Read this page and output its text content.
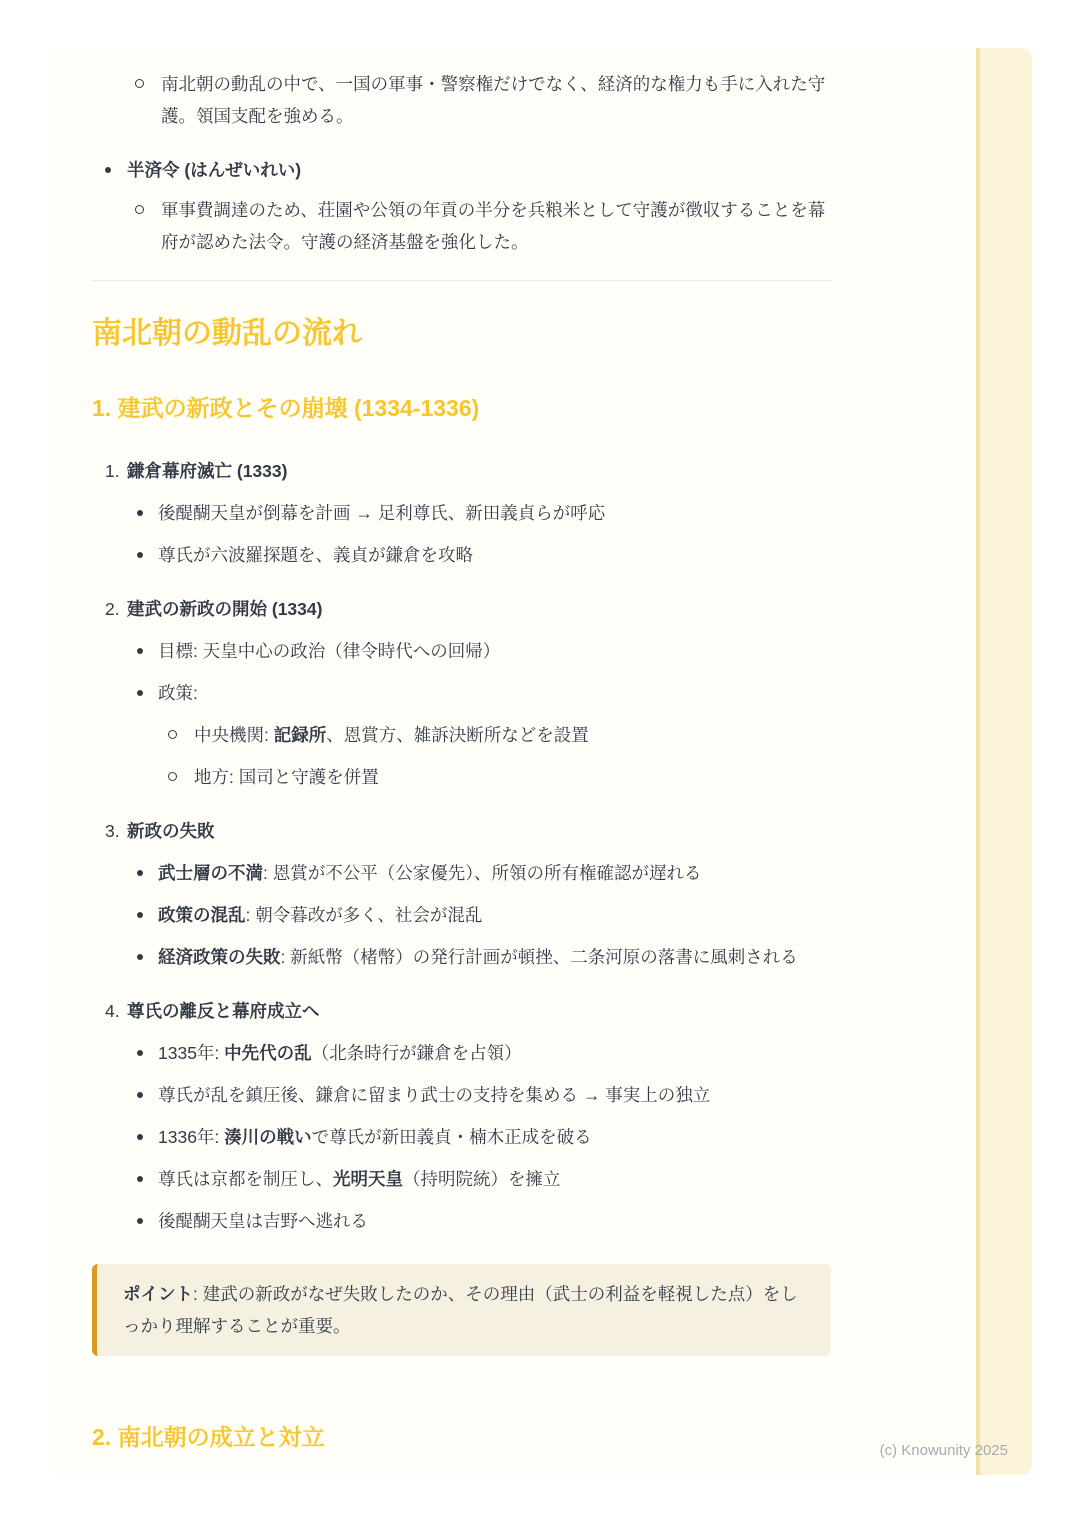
南北朝の動乱の中で、一国の軍事・警察権だけでなく、経済的な権力も手に入れた守護。領国支配を強める。
半済令 (はんぜいれい)
軍事費調達のため、荘園や公領の年貢の半分を兵粮米として守護が徴収することを幕府が認めた法令。守護の経済基盤を強化した。
南北朝の動乱の流れ
1. 建武の新政とその崩壊 (1334-1336)
1. 鎌倉幕府滅亡 (1333)
後醍醐天皇が倒幕を計画 → 足利尊氏、新田義貞らが呼応
尊氏が六波羅探題を、義貞が鎌倉を攻略
2. 建武の新政の開始 (1334)
目標: 天皇中心の政治（律令時代への回帰）
政策:
中央機関: 記録所、恩賞方、雑訴決断所などを設置
地方: 国司と守護を併置
3. 新政の失敗
武士層の不満: 恩賞が不公平（公家優先）、所領の所有権確認が遅れる
政策の混乱: 朝令暮改が多く、社会が混乱
経済政策の失敗: 新紙幣（楮幣）の発行計画が頓挫、二条河原の落書に風刺される
4. 尊氏の離反と幕府成立へ
1335年: 中先代の乱（北条時行が鎌倉を占領）
尊氏が乱を鎮圧後、鎌倉に留まり武士の支持を集める → 事実上の独立
1336年: 湊川の戦いで尊氏が新田義貞・楠木正成を破る
尊氏は京都を制圧し、光明天皇（持明院統）を擁立
後醍醐天皇は吉野へ逃れる
ポイント: 建武の新政がなぜ失敗したのか、その理由（武士の利益を軽視した点）をしっかり理解することが重要。
2. 南北朝の成立と対立
(c) Knowunity 2025
